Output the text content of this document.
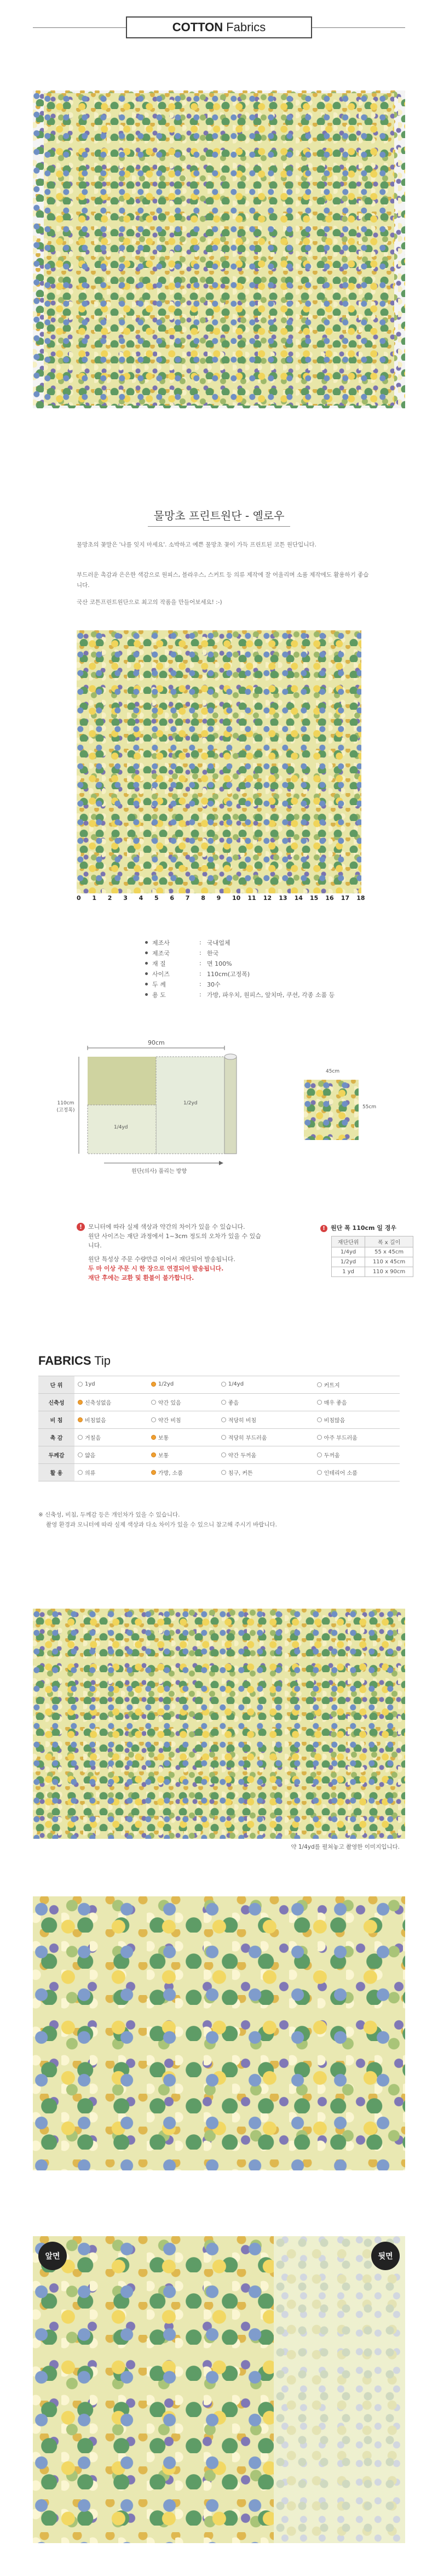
COTTON Fabrics
물망초 프린트원단 - 옐로우
물망초의 꽃말은 '나를 잊지 마세요'. 소박하고 예쁜 물망초 꽃이 가득 프린트된 코튼 원단입니다.
부드러운 촉감과 은은한 색감으로 원피스, 블라우스, 스커트 등 의류 제작에 잘 어울리며 소품 제작에도 활용하기 좋습니다.
국산 코튼프린트원단으로 최고의 작품을 만들어보세요! :-)
0 1 2 3 4 5 6 7 8 9 10 11 12 13 14 15 16 17 18
제조사	: 국내업체
제조국	: 한국
재 질	: 면 100%
사이즈	: 110cm(고정폭)
두 께	: 30수
용 도	: 가방, 파우치, 원피스, 앞치마, 쿠션, 각종 소품 등
90cm
110cm (고정폭)
1/2yd
1/4yd
원단(의사) 풀리는 방향
45cm
55cm
! 모니터에 따라 실제 색상과 약간의 차이가 있을 수 있습니다.
원단 사이즈는 재단 과정에서 1~3cm 정도의 오차가 있을 수 있습니다.
원단 특성상 주문 수량만큼 이어서 재단되어 발송됩니다.
두 마 이상 주문 시 한 장으로 연결되어 발송됩니다.
재단 후에는 교환 및 환불이 불가합니다.
! 원단 폭 110cm 일 경우
재단단위	폭 x 길이
1/4yd	55 x 45cm
1/2yd	110 x 45cm
1 yd	110 x 90cm
FABRICS Tip
단 위	1yd	1/2yd	1/4yd	커트지

신축성	신축성없음	약간 있음	좋음	매우 좋음

비 침	비침없음	약간 비침	적당히 비침	비침많음

촉 감	거칠음	보통	적당히 부드러움	아주 부드러움

두께감	얇음	보통	약간 두꺼움	두꺼움

활 용	의류	가방, 소품	침구, 커튼	인테리어 소품
※ 신축성, 비침, 두께감 등은 개인차가 있을 수 있습니다.
촬영 환경과 모니터에 따라 실제 색상과 다소 차이가 있을 수 있으니 참고해 주시기 바랍니다.
약 1/4yd를 펼쳐놓고 촬영한 이미지입니다.
앞면	뒷면
